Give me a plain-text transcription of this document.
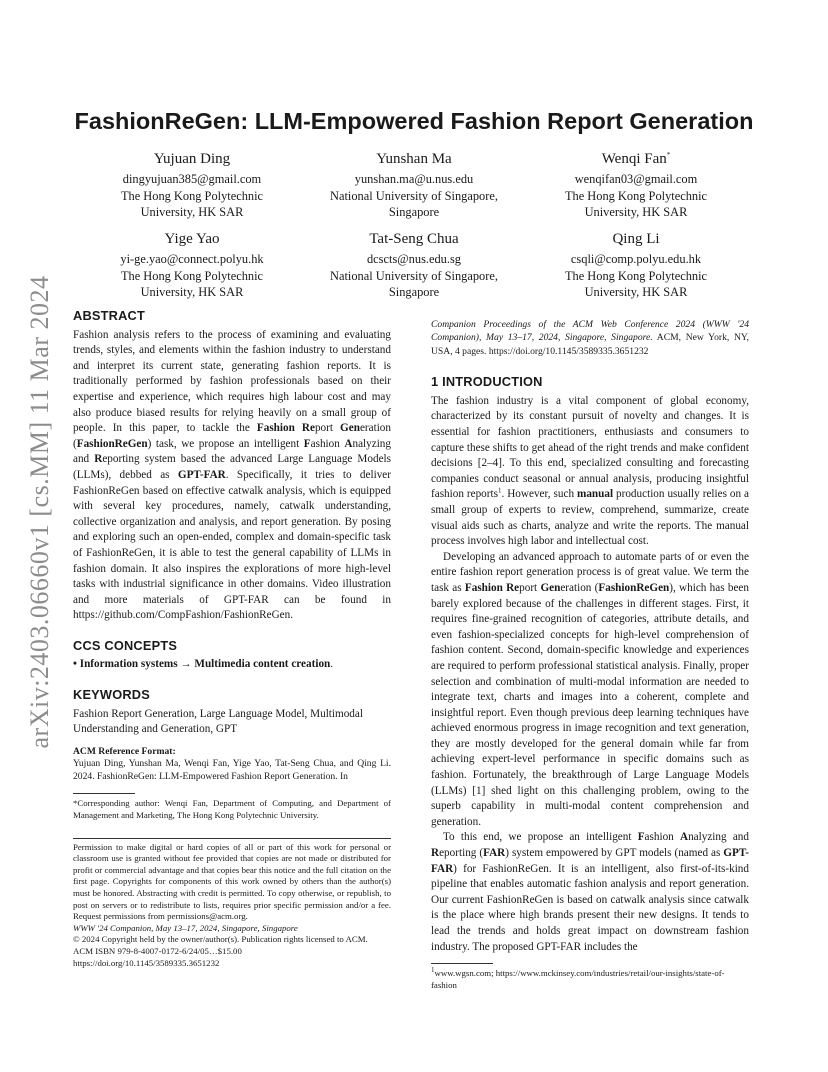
arXiv:2403.06660v1 [cs.MM] 11 Mar 2024
FashionReGen: LLM-Empowered Fashion Report Generation
Yujuan Ding
dingyujuan385@gmail.com
The Hong Kong Polytechnic
University, HK SAR
Yunshan Ma
yunshan.ma@u.nus.edu
National University of Singapore,
Singapore
Wenqi Fan*
wenqifan03@gmail.com
The Hong Kong Polytechnic
University, HK SAR
Yige Yao
yi-ge.yao@connect.polyu.hk
The Hong Kong Polytechnic
University, HK SAR
Tat-Seng Chua
dcscts@nus.edu.sg
National University of Singapore,
Singapore
Qing Li
csqli@comp.polyu.edu.hk
The Hong Kong Polytechnic
University, HK SAR
ABSTRACT

Fashion analysis refers to the process of examining and evaluating trends, styles, and elements within the fashion industry to understand and interpret its current state, generating fashion reports. It is traditionally performed by fashion professionals based on their expertise and experience, which requires high labour cost and may also produce biased results for relying heavily on a small group of people. In this paper, to tackle the Fashion Report Generation (FashionReGen) task, we propose an intelligent Fashion Analyzing and Reporting system based the advanced Large Language Models (LLMs), debbed as GPT-FAR. Specifically, it tries to deliver FashionReGen based on effective catwalk analysis, which is equipped with several key procedures, namely, catwalk understanding, collective organization and analysis, and report generation. By posing and exploring such an open-ended, complex and domain-specific task of FashionReGen, it is able to test the general capability of LLMs in fashion domain. It also inspires the explorations of more high-level tasks with industrial significance in other domains. Video illustration and more materials of GPT-FAR can be found in https://github.com/CompFashion/FashionReGen.

CCS CONCEPTS

• Information systems → Multimedia content creation.

KEYWORDS

Fashion Report Generation, Large Language Model, Multimodal Understanding and Generation, GPT

ACM Reference Format:

Yujuan Ding, Yunshan Ma, Wenqi Fan, Yige Yao, Tat-Seng Chua, and Qing Li. 2024. FashionReGen: LLM-Empowered Fashion Report Generation. In

*Corresponding author: Wenqi Fan, Department of Computing, and Department of Management and Marketing, The Hong Kong Polytechnic University.

Permission to make digital or hard copies of all or part of this work for personal or classroom use is granted without fee provided that copies are not made or distributed for profit or commercial advantage and that copies bear this notice and the full citation on the first page. Copyrights for components of this work owned by others than the author(s) must be honored. Abstracting with credit is permitted. To copy otherwise, or republish, to post on servers or to redistribute to lists, requires prior specific permission and/or a fee. Request permissions from permissions@acm.org.

WWW '24 Companion, May 13–17, 2024, Singapore, Singapore
© 2024 Copyright held by the owner/author(s). Publication rights licensed to ACM.
ACM ISBN 979-8-4007-0172-6/24/05…$15.00
https://doi.org/10.1145/3589335.3651232

Companion Proceedings of the ACM Web Conference 2024 (WWW '24 Companion), May 13–17, 2024, Singapore, Singapore. ACM, New York, NY, USA, 4 pages. https://doi.org/10.1145/3589335.3651232

1 INTRODUCTION

The fashion industry is a vital component of global economy, characterized by its constant pursuit of novelty and changes. It is essential for fashion practitioners, enthusiasts and consumers to capture these shifts to get ahead of the right trends and make confident decisions [2–4]. To this end, specialized consulting and forecasting companies conduct seasonal or annual analysis, producing insightful fashion reports$^1$. However, such manual production usually relies on a small group of experts to review, comprehend, summarize, create visual aids such as charts, analyze and write the reports. The manual process involves high labor and intellectual cost.

Developing an advanced approach to automate parts of or even the entire fashion report generation process is of great value. We term the task as Fashion Report Generation (FashionReGen), which has been barely explored because of the challenges in different stages. First, it requires fine-grained recognition of categories, attribute details, and even fashion-specialized concepts for high-level comprehension of fashion content. Second, domain-specific knowledge and experiences are required to perform professional statistical analysis. Finally, proper selection and combination of multi-modal information are needed to integrate text, charts and images into a coherent, complete and insightful report. Even though previous deep learning techniques have achieved enormous progress in image recognition and text generation, they are mostly developed for the general domain while far from achieving expert-level performance in specific domains such as fashion. Fortunately, the breakthrough of Large Language Models (LLMs) [1] shed light on this challenging problem, owing to the superb capability in multi-modal content comprehension and generation.

To this end, we propose an intelligent Fashion Analyzing and Reporting (FAR) system empowered by GPT models (named as GPT-FAR) for FashionReGen. It is an intelligent, also first-of-its-kind pipeline that enables automatic fashion analysis and report generation. Our current FashionReGen is based on catwalk analysis since catwalk is the place where high brands present their new designs. It tends to lead the trends and holds great impact on downstream fashion industry. The proposed GPT-FAR includes the

$^1$www.wgsn.com; https://www.mckinsey.com/industries/retail/our-insights/state-of-fashion
